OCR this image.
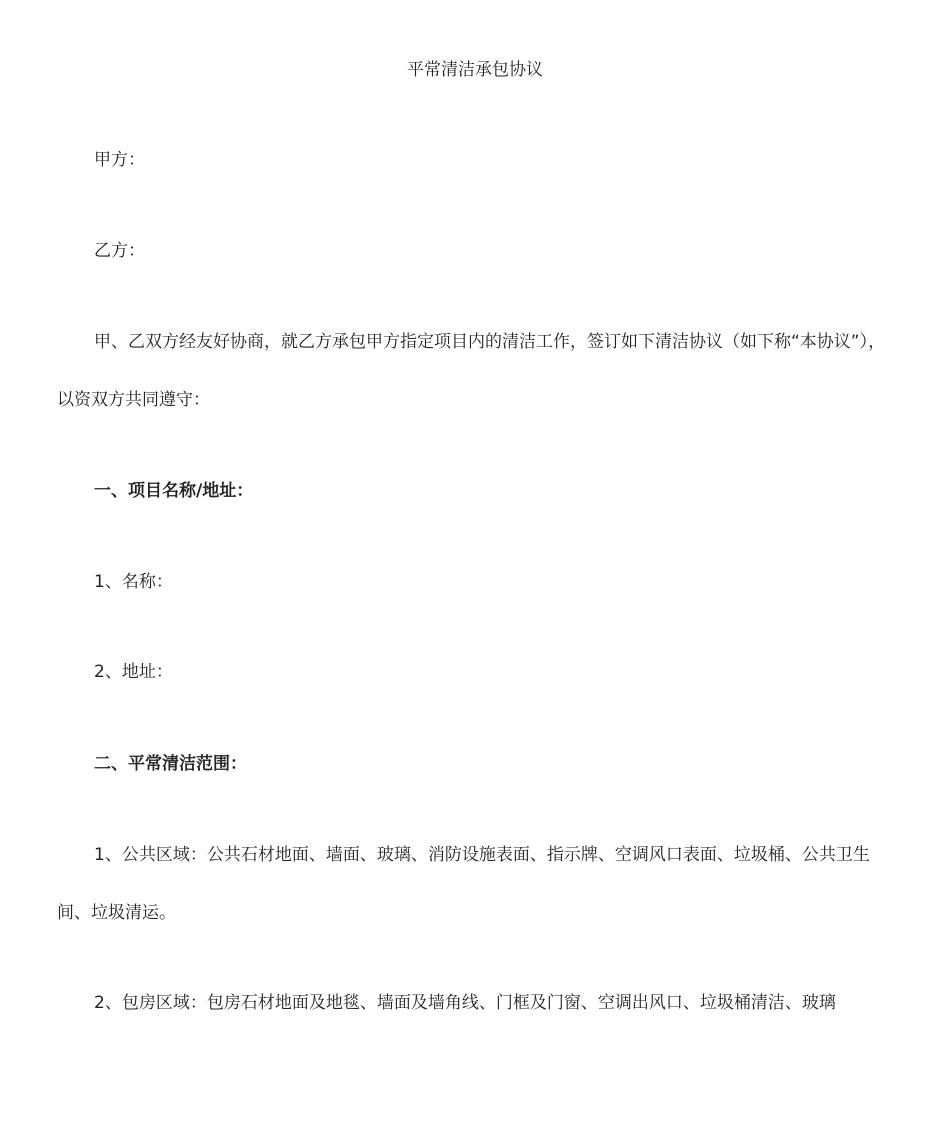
平常清洁承包协议

甲方：

乙方：

甲、乙双方经友好协商，就乙方承包甲方指定项目内的清洁工作，签订如下清洁协议（如下称“本协议”），以资双方共同遵守：

一、项目名称/地址：

1、名称：

2、地址：

二、平常清洁范围：

1、公共区域：公共石材地面、墙面、玻璃、消防设施表面、指示牌、空调风口表面、垃圾桶、公共卫生间、垃圾清运。

2、包房区域：包房石材地面及地毯、墙面及墙角线、门框及门窗、空调出风口、垃圾桶清洁、玻璃
